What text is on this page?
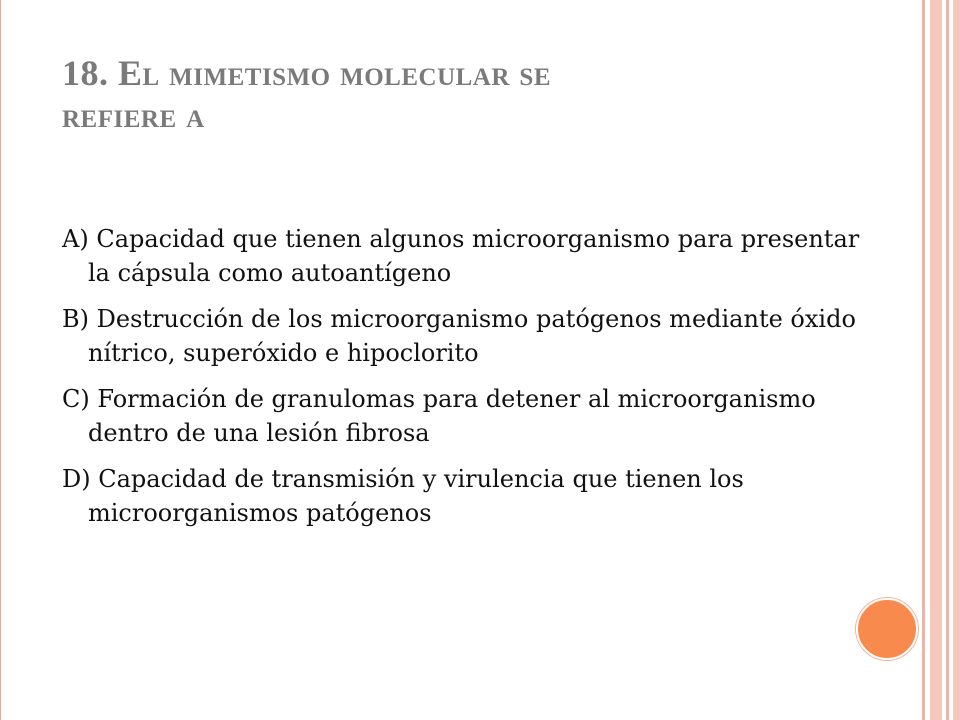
18. El mimetismo molecular se
refiere a
A) Capacidad que tienen algunos microorganismo para presentar la cápsula como autoantígeno
B) Destrucción de los microorganismo patógenos mediante óxido nítrico, superóxido e hipoclorito
C) Formación de granulomas para detener al microorganismo dentro de una lesión fibrosa
D) Capacidad de transmisión y virulencia que tienen los microorganismos patógenos
